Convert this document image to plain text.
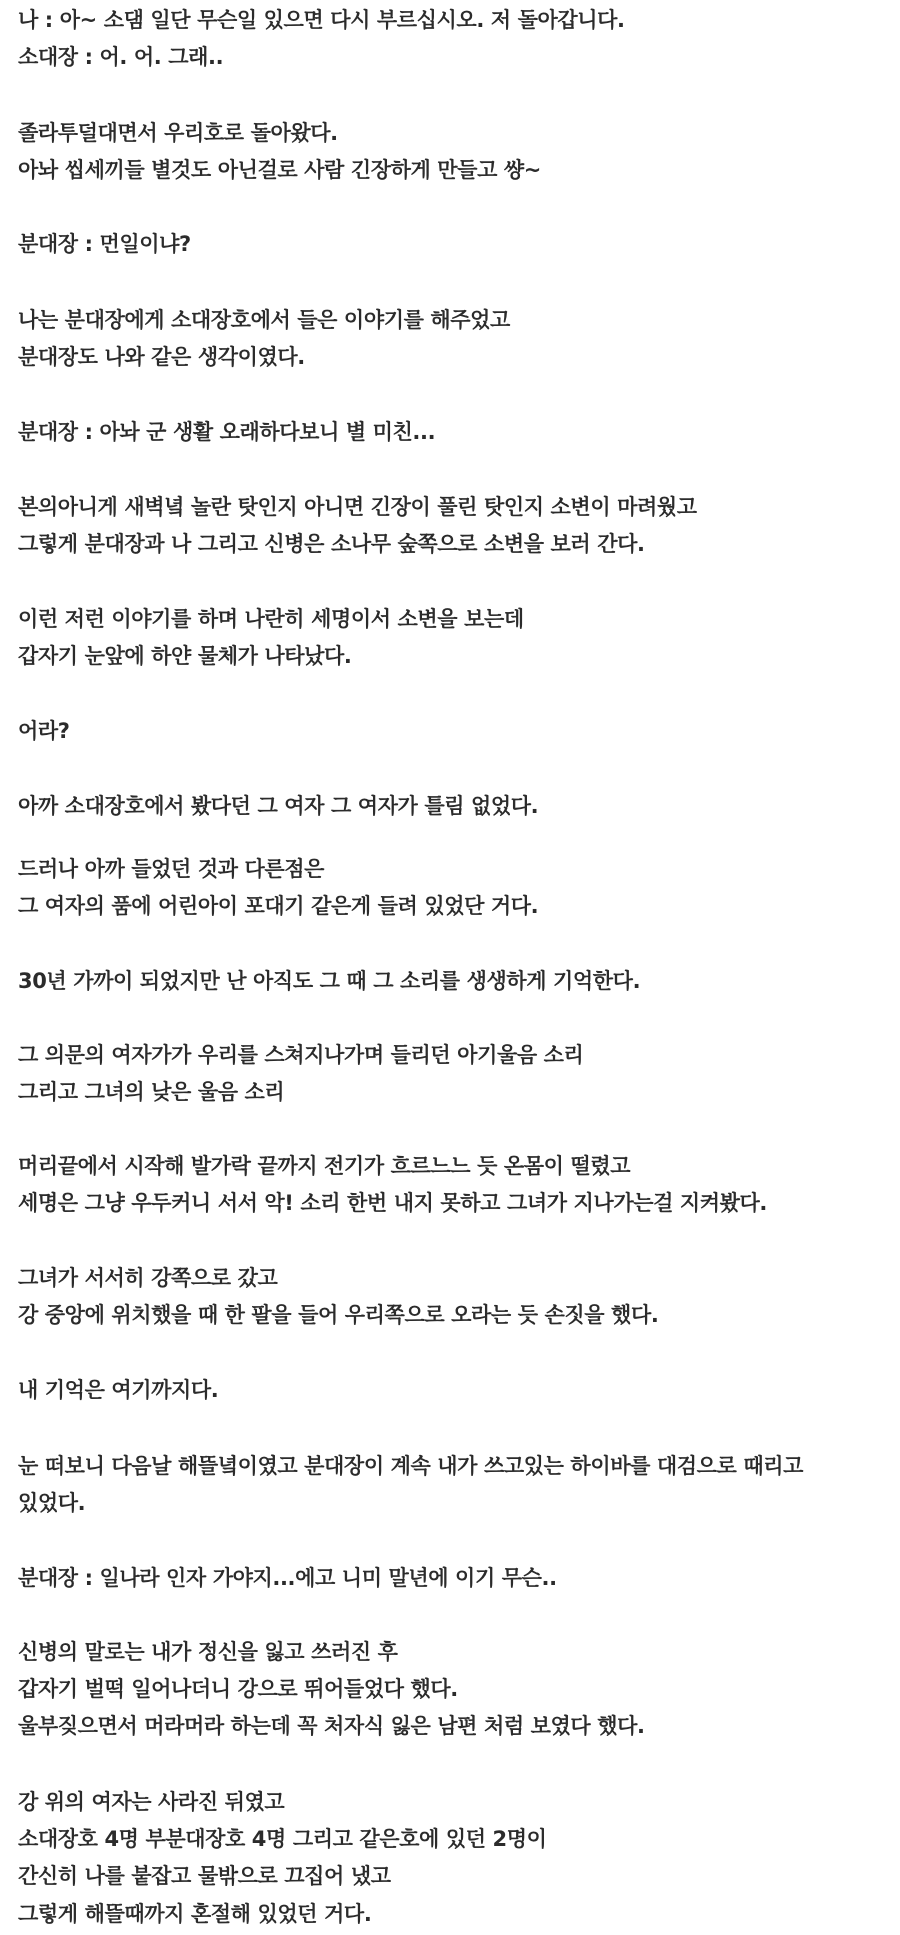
나 : 아~ 소댐 일단 무슨일 있으면 다시 부르십시오. 저 돌아갑니다.
소대장 : 어. 어. 그래..
졸라투덜대면서 우리호로 돌아왔다.
아놔 씹세끼들 별것도 아닌걸로 사람 긴장하게 만들고 썅~
분대장 : 먼일이냐?
나는 분대장에게 소대장호에서 들은 이야기를 해주었고
분대장도 나와 같은 생각이였다.
분대장 : 아놔 군 생활 오래하다보니 별 미친...
본의아니게 새벽녘 놀란 탓인지 아니면 긴장이 풀린 탓인지 소변이 마려웠고
그렇게 분대장과 나 그리고 신병은 소나무 숲쪽으로 소변을 보러 간다.
이런 저런 이야기를 하며 나란히 세명이서 소변을 보는데
갑자기 눈앞에 하얀 물체가 나타났다.
어라?
아까 소대장호에서 봤다던 그 여자 그 여자가 틀림 없었다.
드러나 아까 들었던 것과 다른점은
그 여자의 품에 어린아이 포대기 같은게 들려 있었단 거다.
30년 가까이 되었지만 난 아직도 그 때 그 소리를 생생하게 기억한다.
그 의문의 여자가가 우리를 스쳐지나가며 들리던 아기울음 소리
그리고 그녀의 낮은 울음 소리
머리끝에서 시작해 발가락 끝까지 전기가 흐르느느 듯 온몸이 떨렸고
세명은 그냥 우두커니 서서 악! 소리 한번 내지 못하고 그녀가 지나가는걸 지켜봤다.
그녀가 서서히 강쪽으로 갔고
강 중앙에 위치했을 때 한 팔을 들어 우리쪽으로 오라는 듯 손짓을 했다.
내 기억은 여기까지다.
눈 떠보니 다음날 해뜰녘이였고 분대장이 계속 내가 쓰고있는 하이바를 대검으로 때리고
있었다.
분대장 : 일나라 인자 가야지...에고 니미 말년에 이기 무슨..
신병의 말로는 내가 정신을 잃고 쓰러진 후
갑자기 벌떡 일어나더니 강으로 뛰어들었다 했다.
울부짖으면서 머라머라 하는데 꼭 처자식 잃은 남편 처럼 보였다 했다.
강 위의 여자는 사라진 뒤였고
소대장호 4명 부분대장호 4명 그리고 같은호에 있던 2명이
간신히 나를 붙잡고 물밖으로 끄집어 냈고
그렇게 해뜰때까지 혼절해 있었던 거다.
